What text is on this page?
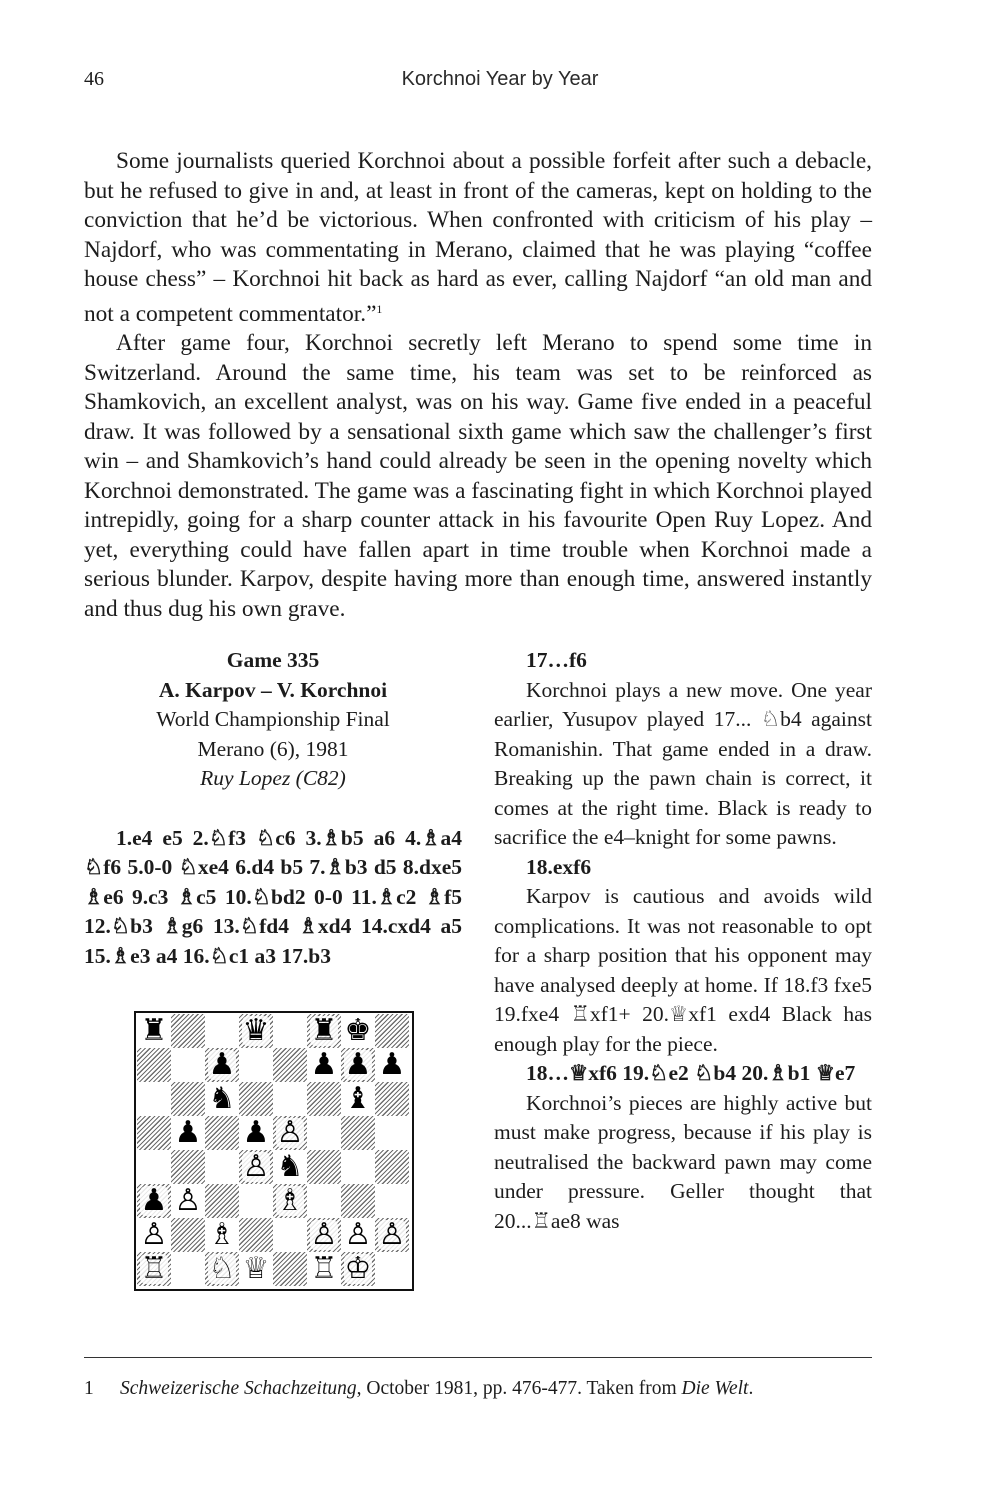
46	Korchnoi Year by Year

Some journalists queried Korchnoi about a possible forfeit after such a debacle, but he refused to give in and, at least in front of the cameras, kept on holding to the conviction that he’d be victorious. When confronted with criticism of his play – Najdorf, who was commentating in Merano, claimed that he was playing “coffee house chess” – Korchnoi hit back as hard as ever, calling Najdorf “an old man and not a competent commentator.”$^1$

After game four, Korchnoi secretly left Merano to spend some time in Switzerland. Around the same time, his team was set to be reinforced as Shamkovich, an excellent analyst, was on his way. Game five ended in a peaceful draw. It was followed by a sensational sixth game which saw the challenger’s first win – and Shamkovich’s hand could already be seen in the opening novelty which Korchnoi demonstrated. The game was a fascinating fight in which Korchnoi played intrepidly, going for a sharp counter attack in his favourite Open Ruy Lopez. And yet, everything could have fallen apart in time trouble when Korchnoi made a serious blunder. Karpov, despite having more than enough time, answered instantly and thus dug his own grave.

Game 335
A. Karpov – V. Korchnoi
World Championship Final
Merano (6), 1981
Ruy Lopez (C82)
1.e4 e5 2.♘f3 ♘c6 3.♗b5 a6 4.♗a4 ♘f6 5.0-0 ♘xe4 6.d4 b5 7.♗b3 d5 8.dxe5 ♗e6 9.c3 ♗c5 10.♘bd2 0-0 11.♗c2 ♗f5 12.♘b3 ♗g6 13.♘fd4 ♗xd4 14.cxd4 a5 15.♗e3 a4 16.♘c1 a3 17.b3
♜	♛ ♜ ♚
♟	♟ ♟ ♟
♞	♝
♟ ♟ ♙
♙ ♞
♟ ♙	♗
♙ ♗	♙ ♙ ♙
♖ ♘ ♕ ♖ ♔

17…f6

Korchnoi plays a new move. One year earlier, Yusupov played 17... ♘b4 against Romanishin. That game ended in a draw. Breaking up the pawn chain is correct, it comes at the right time. Black is ready to sacrifice the e4–knight for some pawns.

18.exf6

Karpov is cautious and avoids wild complications. It was not reasonable to opt for a sharp position that his opponent may have analysed deeply at home. If 18.f3 fxe5 19.fxe4 ♖xf1+ 20.♕xf1 exd4 Black has enough play for the piece.

18…♕xf6 19.♘e2 ♘b4 20.♗b1 ♕e7

Korchnoi’s pieces are highly active but must make progress, because if his play is neutralised the backward pawn may come under pressure. Geller thought that 20...♖ae8 was

1 Schweizerische Schachzeitung, October 1981, pp. 476-477. Taken from Die Welt.
